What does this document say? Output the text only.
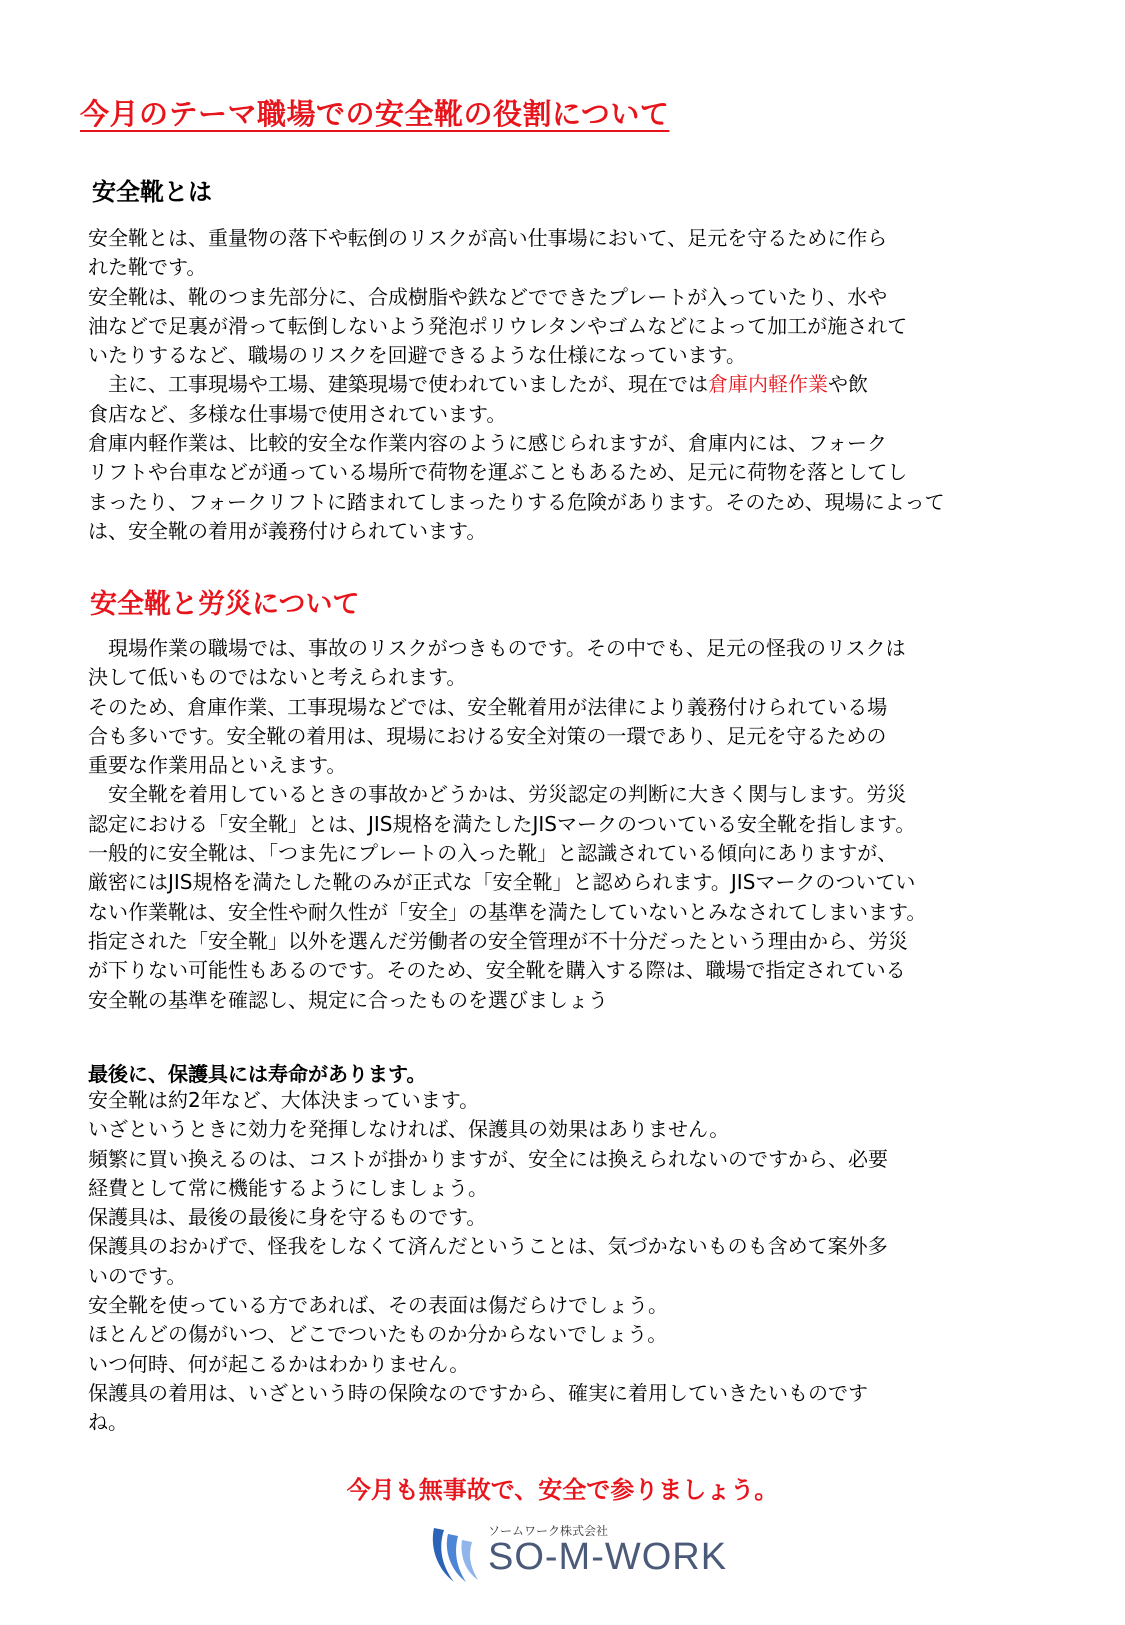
今月のテーマ職場での安全靴の役割について
安全靴とは

安全靴とは、重量物の落下や転倒のリスクが高い仕事場において、足元を守るために作ら

れた靴です。

安全靴は、靴のつま先部分に、合成樹脂や鉄などでできたプレートが入っていたり、水や

油などで足裏が滑って転倒しないよう発泡ポリウレタンやゴムなどによって加工が施されて

いたりするなど、職場のリスクを回避できるような仕様になっています。

主に、工事現場や工場、建築現場で使われていましたが、現在では倉庫内軽作業や飲

食店など、多様な仕事場で使用されています。

倉庫内軽作業は、比較的安全な作業内容のように感じられますが、倉庫内には、フォーク

リフトや台車などが通っている場所で荷物を運ぶこともあるため、足元に荷物を落としてし

まったり、フォークリフトに踏まれてしまったりする危険があります。そのため、現場によって

は、安全靴の着用が義務付けられています。

安全靴と労災について

現場作業の職場では、事故のリスクがつきものです。その中でも、足元の怪我のリスクは

決して低いものではないと考えられます。

そのため、倉庫作業、工事現場などでは、安全靴着用が法律により義務付けられている場

合も多いです。安全靴の着用は、現場における安全対策の一環であり、足元を守るための

重要な作業用品といえます。

安全靴を着用しているときの事故かどうかは、労災認定の判断に大きく関与します。労災

認定における「安全靴」とは、JIS規格を満たしたJISマークのついている安全靴を指します。

一般的に安全靴は、「つま先にプレートの入った靴」と認識されている傾向にありますが、

厳密にはJIS規格を満たした靴のみが正式な「安全靴」と認められます。JISマークのついてい

ない作業靴は、安全性や耐久性が「安全」の基準を満たしていないとみなされてしまいます。

指定された「安全靴」以外を選んだ労働者の安全管理が不十分だったという理由から、労災

が下りない可能性もあるのです。そのため、安全靴を購入する際は、職場で指定されている

安全靴の基準を確認し、規定に合ったものを選びましょう

最後に、保護具には寿命があります。

安全靴は約2年など、大体決まっています。

いざというときに効力を発揮しなければ、保護具の効果はありません。

頻繁に買い換えるのは、コストが掛かりますが、安全には換えられないのですから、必要

経費として常に機能するようにしましょう。

保護具は、最後の最後に身を守るものです。

保護具のおかげで、怪我をしなくて済んだということは、気づかないものも含めて案外多

いのです。

安全靴を使っている方であれば、その表面は傷だらけでしょう。

ほとんどの傷がいつ、どこでついたものか分からないでしょう。

いつ何時、何が起こるかはわかりません。

保護具の着用は、いざという時の保険なのですから、確実に着用していきたいものです

ね。

今月も無事故で、安全で参りましょう。
ソームワーク株式会社
SO-M-WORK
